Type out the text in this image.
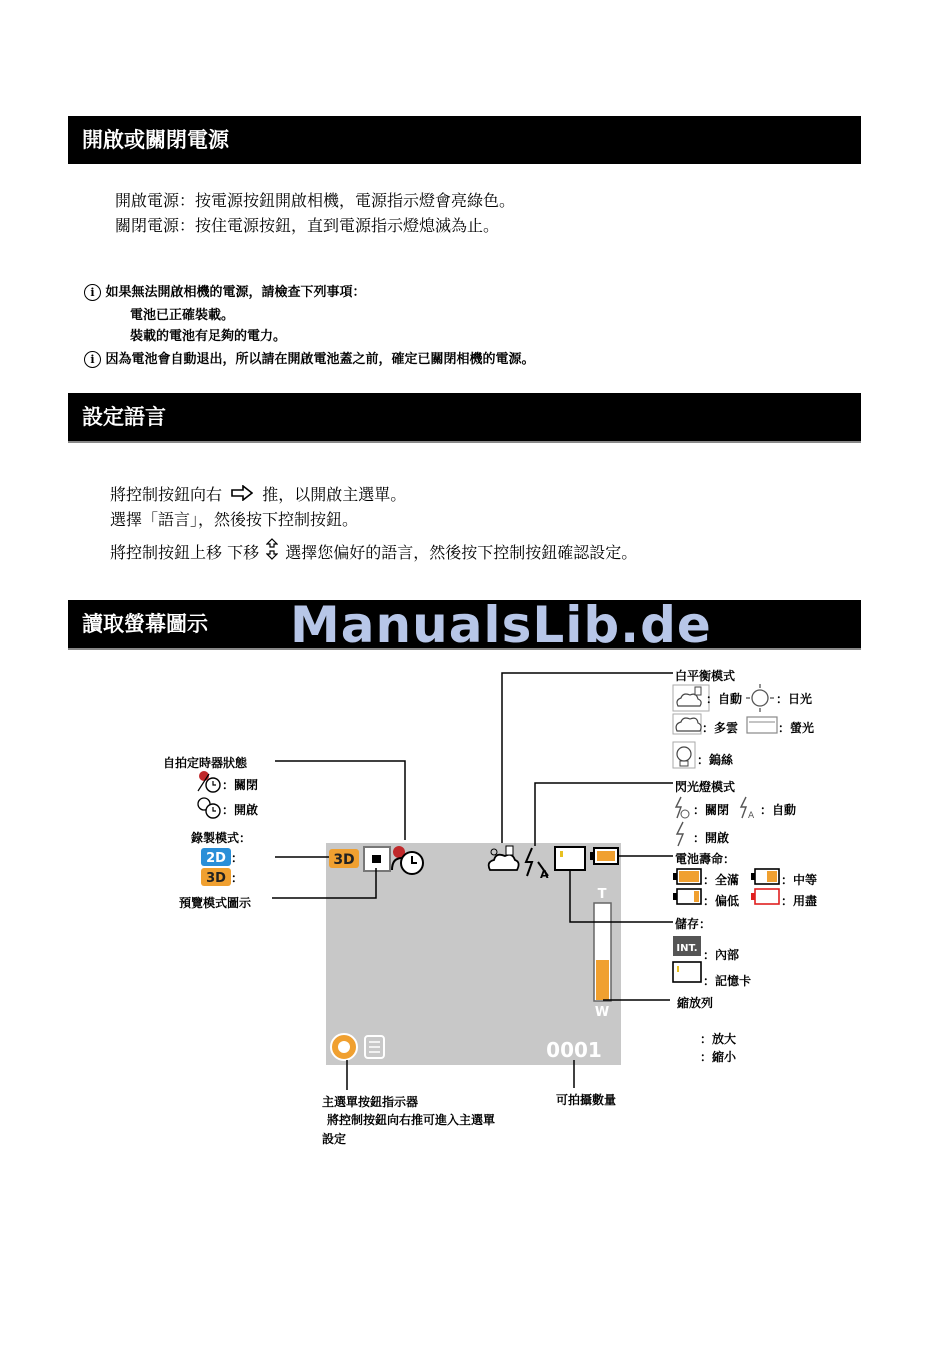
開啟或關閉電源
開啟電源：按電源按鈕開啟相機，電源指示燈會亮綠色。
關閉電源：按住電源按鈕，直到電源指示燈熄滅為止。
i 如果無法開啟相機的電源，請檢查下列事項：
電池已正確裝載。
裝載的電池有足夠的電力。
i 因為電池會自動退出，所以請在開啟電池蓋之前，確定已關閉相機的電源。
設定語言
將控制按鈕向右	推，以開啟主選單。
選擇「語言」，然後按下控制按鈕。
將控制按鈕上移 下移 選擇您偏好的語言，然後按下控制按鈕確認設定。
讀取螢幕圖示	ManualsLib.de
3D
A
T
W
0001
A
INT.
2D
3D
白平衡模式
：自動	：日光
：多雲	：螢光
：鎢絲
閃光燈模式
：關閉	：自動
：開啟
電池壽命：
：全滿	：中等
：偏低	：用盡
儲存：
：內部
：記憶卡
縮放列
：放大
：縮小
自拍定時器狀態
：關閉
：開啟
錄製模式：
：
：
預覽模式圖示
主選單按鈕指示器
將控制按鈕向右推可進入主選單
設定
可拍攝數量
